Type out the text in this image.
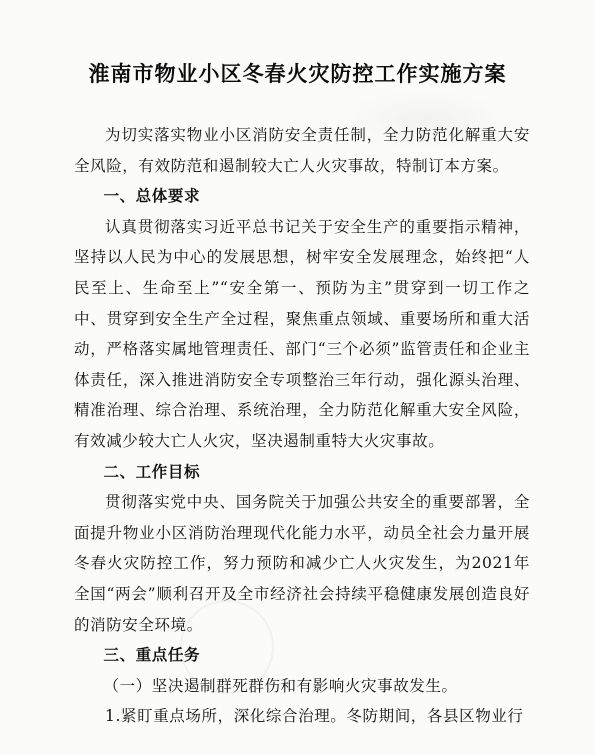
淮南市物业小区冬春火灾防控工作实施方案

为切实落实物业小区消防安全责任制，全力防范化解重大安全风险，有效防范和遏制较大亡人火灾事故，特制订本方案。

一、总体要求

认真贯彻落实习近平总书记关于安全生产的重要指示精神，坚持以人民为中心的发展思想，树牢安全发展理念，始终把“人民至上、生命至上”“安全第一、预防为主”贯穿到一切工作之中、贯穿到安全生产全过程，聚焦重点领域、重要场所和重大活动，严格落实属地管理责任、部门“三个必须”监管责任和企业主体责任，深入推进消防安全专项整治三年行动，强化源头治理、精准治理、综合治理、系统治理，全力防范化解重大安全风险，有效减少较大亡人火灾，坚决遏制重特大火灾事故。

二、工作目标

贯彻落实党中央、国务院关于加强公共安全的重要部署，全面提升物业小区消防治理现代化能力水平，动员全社会力量开展冬春火灾防控工作，努力预防和减少亡人火灾发生，为2021年全国“两会”顺利召开及全市经济社会持续平稳健康发展创造良好的消防安全环境。

三、重点任务

（一）坚决遏制群死群伤和有影响火灾事故发生。

1.紧盯重点场所，深化综合治理。冬防期间，各县区物业行
